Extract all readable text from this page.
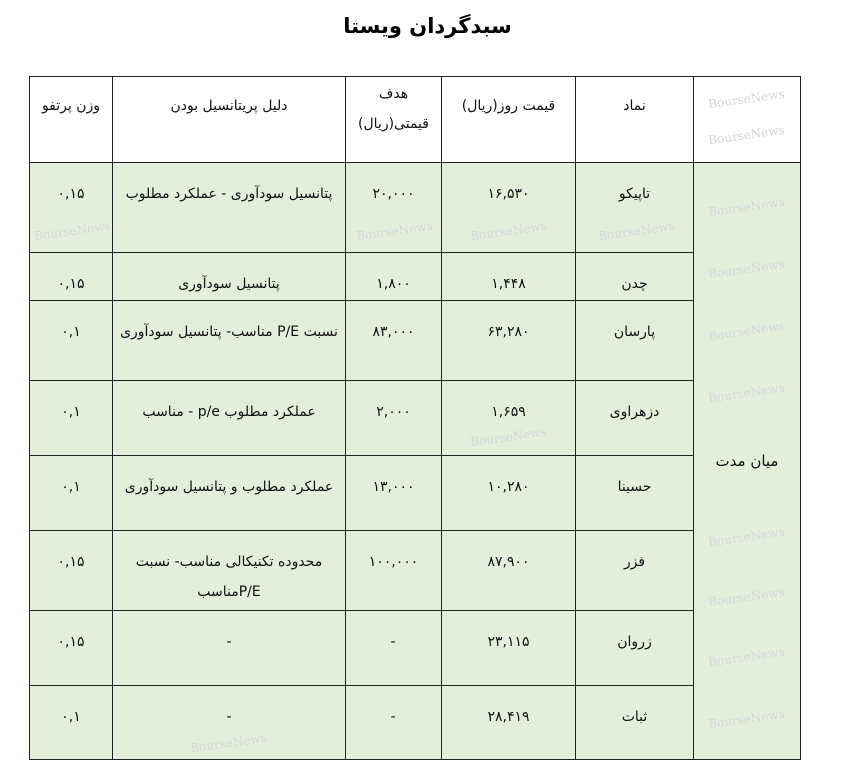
سبدگردان ویستا
	نماد	قیمت روز(ریال)	هدف قیمتی(ریال)	دلیل پریتانسیل بودن	وزن پرتفو
میان مدت	تاپیکو	۱۶,۵۳۰	۲۰,۰۰۰	پتانسیل سودآوری - عملکرد مطلوب	۰,۱۵
	چدن	۱,۴۴۸	۱,۸۰۰	پتانسیل سودآوری	۰,۱۵
	پارسان	۶۳,۲۸۰	۸۳,۰۰۰	نسبت P/E مناسب- پتانسیل سودآوری	۰,۱
	دزهراوی	۱,۶۵۹	۲,۰۰۰	عملکرد مطلوب p/e - مناسب	۰,۱
	حسینا	۱۰,۲۸۰	۱۳,۰۰۰	عملکرد مطلوب و پتانسیل سودآوری	۰,۱
	فزر	۸۷,۹۰۰	۱۰۰,۰۰۰	محدوده تکنیکالی مناسب- نسبت P/Eمناسب	۰,۱۵
	زروان	۲۳,۱۱۵	-	-	۰,۱۵
	ثبات	۲۸,۴۱۹	-	-	۰,۱
BourseNews
BourseNews
BourseNews	BourseNews	BourseNews	BourseNews
BourseNews
BourseNews
BourseNews
BourseNews
BourseNews
BourseNews
BourseNews
BourseNews
BourseNews
BourseNews
